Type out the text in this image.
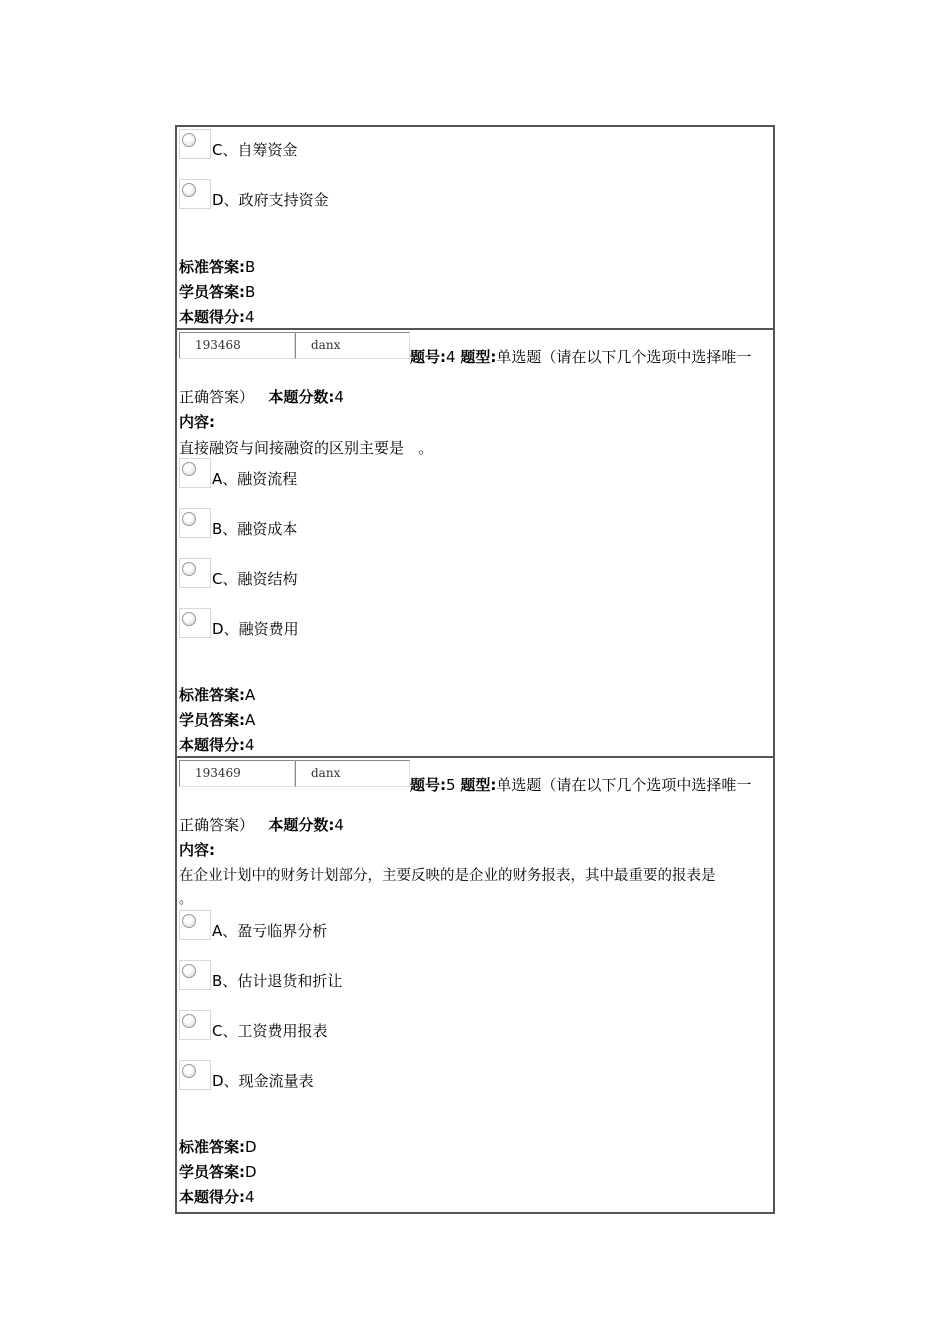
C、自筹资金
D、政府支持资金
标准答案:B
学员答案:B
本题得分:4
193468	danx
题号:4 题型:单选题（请在以下几个选项中选择唯一
正确答案） 本题分数:4
内容:
直接融资与间接融资的区别主要是   。
A、融资流程
B、融资成本
C、融资结构
D、融资费用
标准答案:A
学员答案:A
本题得分:4
193469	danx
题号:5 题型:单选题（请在以下几个选项中选择唯一
正确答案） 本题分数:4
内容:
在企业计划中的财务计划部分，主要反映的是企业的财务报表，其中最重要的报表是
。
A、盈亏临界分析
B、估计退货和折让
C、工资费用报表
D、现金流量表
标准答案:D
学员答案:D
本题得分:4
